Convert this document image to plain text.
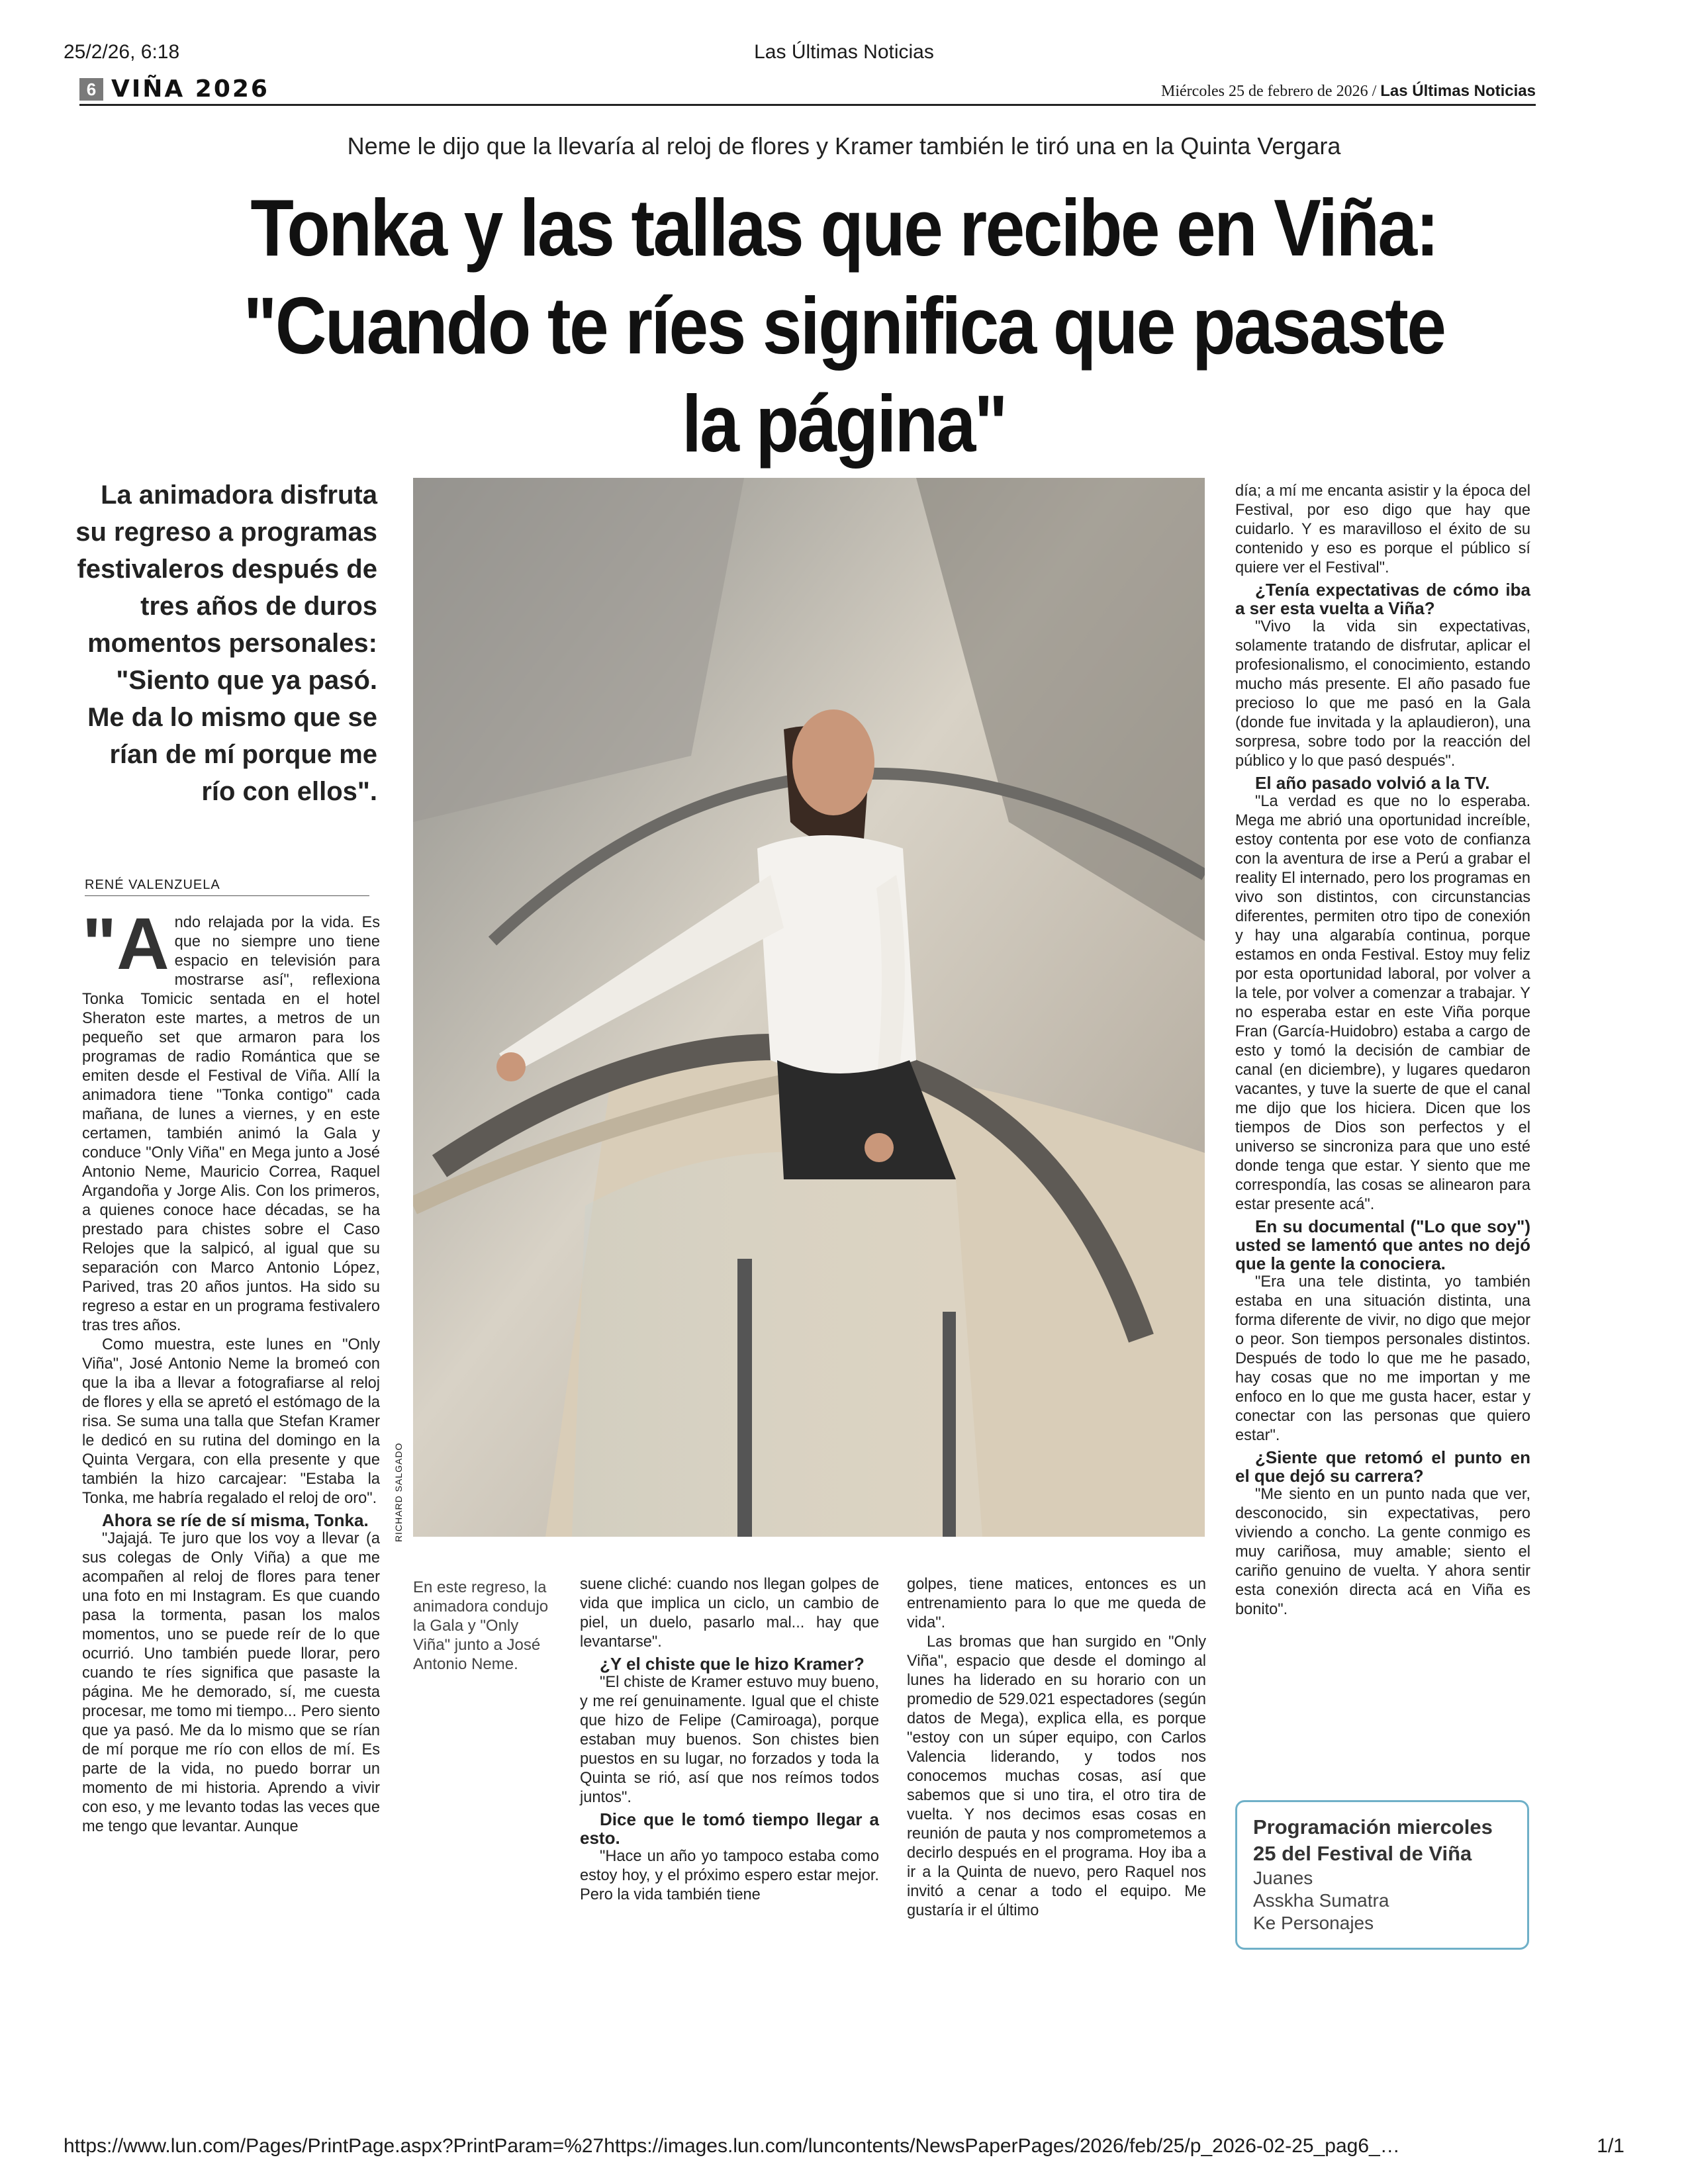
25/2/26, 6:18	Las Últimas Noticias
6 VIÑA 2026	Miércoles 25 de febrero de 2026 / Las Últimas Noticias
Neme le dijo que la llevaría al reloj de flores y Kramer también le tiró una en la Quinta Vergara
Tonka y las tallas que recibe en Viña: "Cuando te ríes significa que pasaste la página"
La animadora disfruta su regreso a programas festivaleros después de tres años de duros momentos personales: "Siento que ya pasó. Me da lo mismo que se rían de mí porque me río con ellos".
RENÉ VALENZUELA
RICHARD SALGADO
En este regreso, la animadora condujo la Gala y "Only Viña" junto a José Antonio Neme.
"A ndo relajada por la vida. Es que no siempre uno tiene espacio en televisión para mostrarse así", reflexiona Tonka Tomicic sentada en el hotel Sheraton este martes, a metros de un pequeño set que armaron para los programas de radio Romántica que se emiten desde el Festival de Viña. Allí la animadora tiene "Tonka contigo" cada mañana, de lunes a viernes, y en este certamen, también animó la Gala y conduce "Only Viña" en Mega junto a José Antonio Neme, Mauricio Correa, Raquel Argandoña y Jorge Alis. Con los primeros, a quienes conoce hace décadas, se ha prestado para chistes sobre el Caso Relojes que la salpicó, al igual que su separación con Marco Antonio López, Parived, tras 20 años juntos. Ha sido su regreso a estar en un programa festivalero tras tres años.

Como muestra, este lunes en "Only Viña", José Antonio Neme la bromeó con que la iba a llevar a fotografiarse al reloj de flores y ella se apretó el estómago de la risa. Se suma una talla que Stefan Kramer le dedicó en su rutina del domingo en la Quinta Vergara, con ella presente y que también la hizo carcajear: "Estaba la Tonka, me habría regalado el reloj de oro".

Ahora se ríe de sí misma, Tonka.

"Jajajá. Te juro que los voy a llevar (a sus colegas de Only Viña) a que me acompañen al reloj de flores para tener una foto en mi Instagram. Es que cuando pasa la tormenta, pasan los malos momentos, uno se puede reír de lo que ocurrió. Uno también puede llorar, pero cuando te ríes significa que pasaste la página. Me he demorado, sí, me cuesta procesar, me tomo mi tiempo... Pero siento que ya pasó. Me da lo mismo que se rían de mí porque me río con ellos de mí. Es parte de la vida, no puedo borrar un momento de mi historia. Aprendo a vivir con eso, y me levanto todas las veces que me tengo que levantar. Aunque

suene cliché: cuando nos llegan golpes de vida que implica un ciclo, un cambio de piel, un duelo, pasarlo mal... hay que levantarse".

¿Y el chiste que le hizo Kramer?

"El chiste de Kramer estuvo muy bueno, y me reí genuinamente. Igual que el chiste que hizo de Felipe (Camiroaga), porque estaban muy buenos. Son chistes bien puestos en su lugar, no forzados y toda la Quinta se rió, así que nos reímos todos juntos".

Dice que le tomó tiempo llegar a esto.

"Hace un año yo tampoco estaba como estoy hoy, y el próximo espero estar mejor. Pero la vida también tiene

golpes, tiene matices, entonces es un entrenamiento para lo que me queda de vida".

Las bromas que han surgido en "Only Viña", espacio que desde el domingo al lunes ha liderado en su horario con un promedio de 529.021 espectadores (según datos de Mega), explica ella, es porque "estoy con un súper equipo, con Carlos Valencia liderando, y todos nos conocemos muchas cosas, así que sabemos que si uno tira, el otro tira de vuelta. Y nos decimos esas cosas en reunión de pauta y nos comprometemos a decirlo después en el programa. Hoy iba a ir a la Quinta de nuevo, pero Raquel nos invitó a cenar a todo el equipo. Me gustaría ir el último

día; a mí me encanta asistir y la época del Festival, por eso digo que hay que cuidarlo. Y es maravilloso el éxito de su contenido y eso es porque el público sí quiere ver el Festival".

¿Tenía expectativas de cómo iba a ser esta vuelta a Viña?

"Vivo la vida sin expectativas, solamente tratando de disfrutar, aplicar el profesionalismo, el conocimiento, estando mucho más presente. El año pasado fue precioso lo que me pasó en la Gala (donde fue invitada y la aplaudieron), una sorpresa, sobre todo por la reacción del público y lo que pasó después".

El año pasado volvió a la TV.

"La verdad es que no lo esperaba. Mega me abrió una oportunidad increíble, estoy contenta por ese voto de confianza con la aventura de irse a Perú a grabar el reality El internado, pero los programas en vivo son distintos, con circunstancias diferentes, permiten otro tipo de conexión y hay una algarabía continua, porque estamos en onda Festival. Estoy muy feliz por esta oportunidad laboral, por volver a la tele, por volver a comenzar a trabajar. Y no esperaba estar en este Viña porque Fran (García-Huidobro) estaba a cargo de esto y tomó la decisión de cambiar de canal (en diciembre), y lugares quedaron vacantes, y tuve la suerte de que el canal me dijo que los hiciera. Dicen que los tiempos de Dios son perfectos y el universo se sincroniza para que uno esté donde tenga que estar. Y siento que me correspondía, las cosas se alinearon para estar presente acá".

En su documental ("Lo que soy") usted se lamentó que antes no dejó que la gente la conociera.

"Era una tele distinta, yo también estaba en una situación distinta, una forma diferente de vivir, no digo que mejor o peor. Son tiempos personales distintos. Después de todo lo que me he pasado, hay cosas que no me importan y me enfoco en lo que me gusta hacer, estar y conectar con las personas que quiero estar".

¿Siente que retomó el punto en el que dejó su carrera?

"Me siento en un punto nada que ver, desconocido, sin expectativas, pero viviendo a concho. La gente conmigo es muy cariñosa, muy amable; siento el cariño genuino de vuelta. Y ahora sentir esta conexión directa acá en Viña es bonito".

Programación miercoles 25 del Festival de Viña
Juanes
Asskha Sumatra
Ke Personajes
https://www.lun.com/Pages/PrintPage.aspx?PrintParam=%27https://images.lun.com/luncontents/NewsPaperPages/2026/feb/25/p_2026-02-25_pag6_…	1/1
